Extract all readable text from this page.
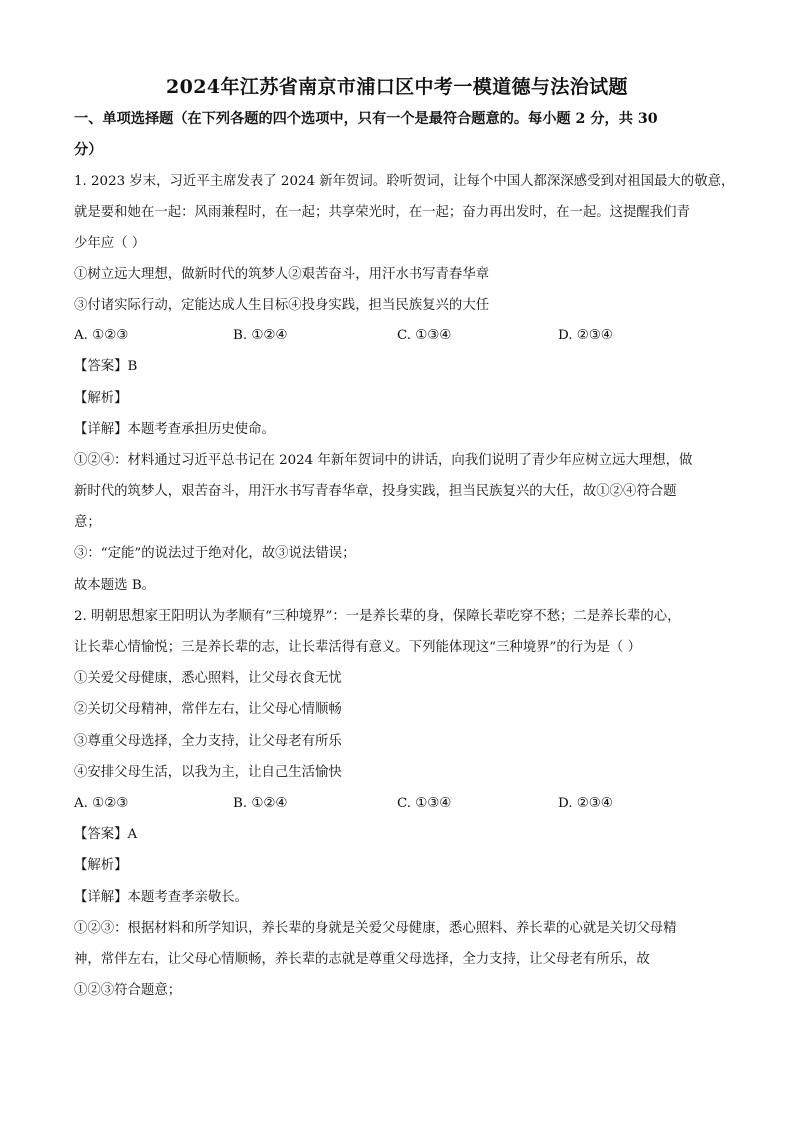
2024年江苏省南京市浦口区中考一模道德与法治试题
一、单项选择题（在下列各题的四个选项中，只有一个是最符合题意的。每小题 2 分，共 30
分）
1. 2023 岁末，习近平主席发表了 2024 新年贺词。聆听贺词，让每个中国人都深深感受到对祖国最大的敬意，
就是要和她在一起：风雨兼程时，在一起；共享荣光时，在一起；奋力再出发时，在一起。这提醒我们青
少年应（ ）
①树立远大理想，做新时代的筑梦人②艰苦奋斗，用汗水书写青春华章
③付诸实际行动，定能达成人生目标④投身实践，担当民族复兴的大任
A. ①②③	B. ①②④	C. ①③④	D. ②③④
【答案】B
【解析】
【详解】本题考查承担历史使命。
①②④：材料通过习近平总书记在 2024 年新年贺词中的讲话，向我们说明了青少年应树立远大理想，做
新时代的筑梦人，艰苦奋斗，用汗水书写青春华章，投身实践，担当民族复兴的大任，故①②④符合题
意；
③：“定能”的说法过于绝对化，故③说法错误；
故本题选 B。
2. 明朝思想家王阳明认为孝顺有“三种境界”：一是养长辈的身，保障长辈吃穿不愁；二是养长辈的心，
让长辈心情愉悦；三是养长辈的志，让长辈活得有意义。下列能体现这“三种境界”的行为是（ ）
①关爱父母健康，悉心照料，让父母衣食无忧
②关切父母精神，常伴左右，让父母心情顺畅
③尊重父母选择，全力支持，让父母老有所乐
④安排父母生活，以我为主，让自己生活愉快
A. ①②③	B. ①②④	C. ①③④	D. ②③④
【答案】A
【解析】
【详解】本题考查孝亲敬长。
①②③：根据材料和所学知识，养长辈的身就是关爱父母健康，悉心照料、养长辈的心就是关切父母精
神，常伴左右，让父母心情顺畅，养长辈的志就是尊重父母选择，全力支持，让父母老有所乐，故
①②③符合题意；
